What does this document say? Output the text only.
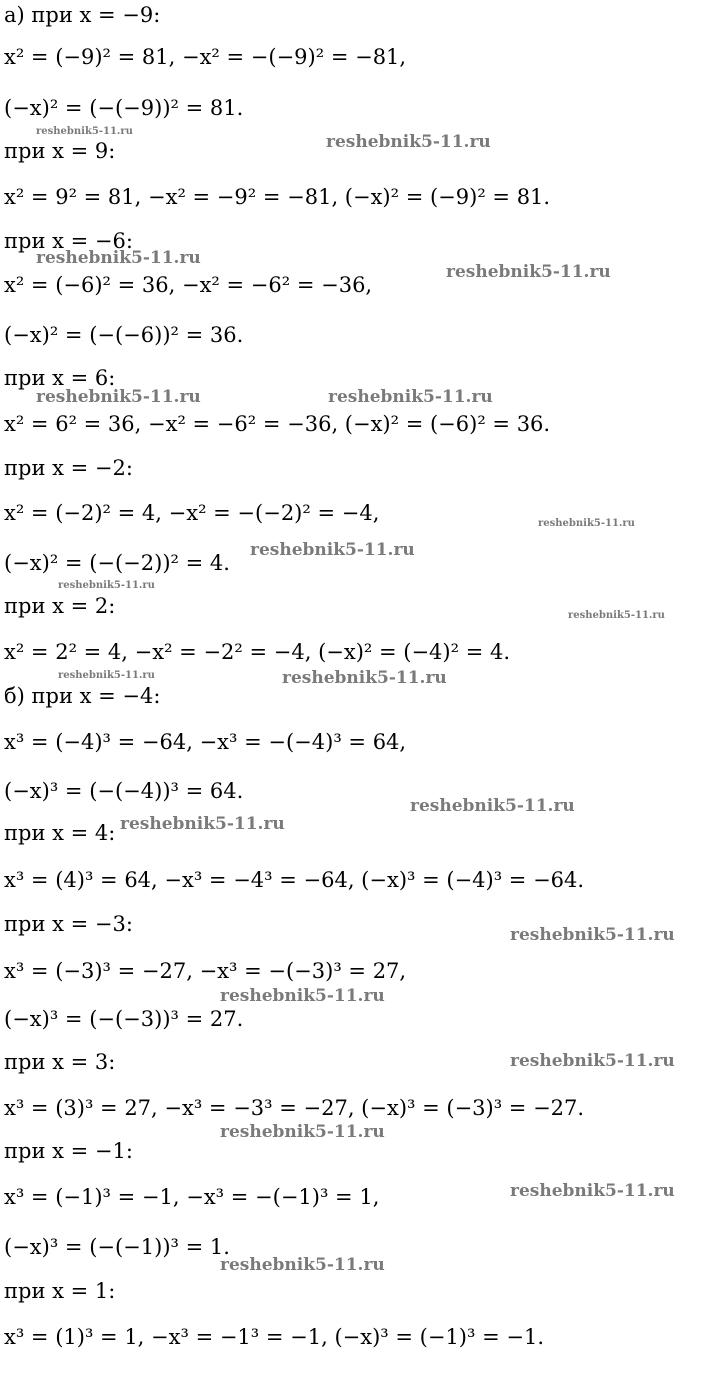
а) при x = −9:
x² = (−9)² = 81, −x² = −(−9)² = −81,
(−x)² = (−(−9))² = 81.
при x = 9:
x² = 9² = 81, −x² = −9² = −81, (−x)² = (−9)² = 81.
при x = −6:
x² = (−6)² = 36, −x² = −6² = −36,
(−x)² = (−(−6))² = 36.
при x = 6:
x² = 6² = 36, −x² = −6² = −36, (−x)² = (−6)² = 36.
при x = −2:
x² = (−2)² = 4, −x² = −(−2)² = −4,
(−x)² = (−(−2))² = 4.
при x = 2:
x² = 2² = 4, −x² = −2² = −4, (−x)² = (−4)² = 4.
б) при x = −4:
x³ = (−4)³ = −64, −x³ = −(−4)³ = 64,
(−x)³ = (−(−4))³ = 64.
при x = 4:
x³ = (4)³ = 64, −x³ = −4³ = −64, (−x)³ = (−4)³ = −64.
при x = −3:
x³ = (−3)³ = −27, −x³ = −(−3)³ = 27,
(−x)³ = (−(−3))³ = 27.
при x = 3:
x³ = (3)³ = 27, −x³ = −3³ = −27, (−x)³ = (−3)³ = −27.
при x = −1:
x³ = (−1)³ = −1, −x³ = −(−1)³ = 1,
(−x)³ = (−(−1))³ = 1.
при x = 1:
x³ = (1)³ = 1, −x³ = −1³ = −1, (−x)³ = (−1)³ = −1.
reshebnik5-11.ru
reshebnik5-11.ru
reshebnik5-11.ru
reshebnik5-11.ru
reshebnik5-11.ru	reshebnik5-11.ru
reshebnik5-11.ru
reshebnik5-11.ru
reshebnik5-11.ru
reshebnik5-11.ru
reshebnik5-11.ru	reshebnik5-11.ru
reshebnik5-11.ru
reshebnik5-11.ru
reshebnik5-11.ru
reshebnik5-11.ru
reshebnik5-11.ru
reshebnik5-11.ru
reshebnik5-11.ru
reshebnik5-11.ru
